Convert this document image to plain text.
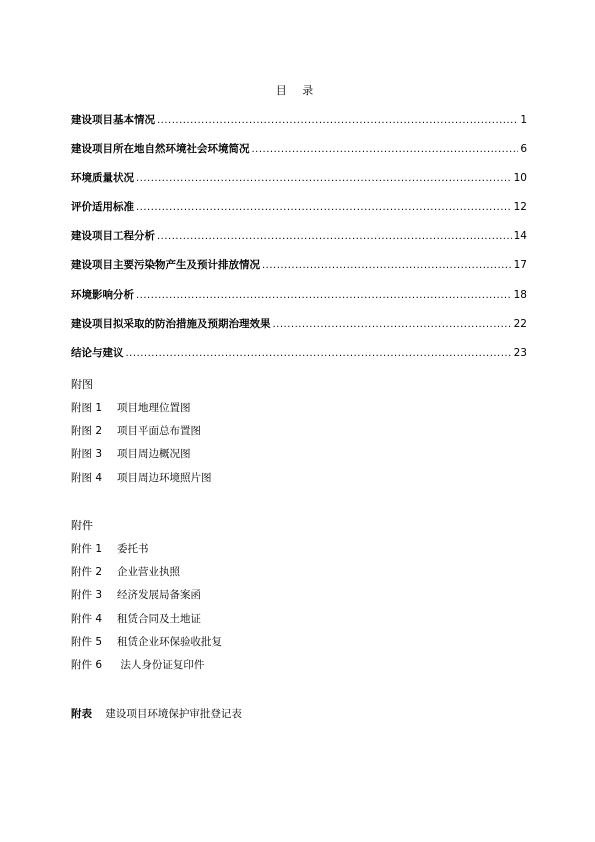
目 录
建设项目基本情况 .....	1
建设项目所在地自然环境社会环境简况 .....	6
环境质量状况 .....	10
评价适用标准 .....	12
建设项目工程分析 .....	14
建设项目主要污染物产生及预计排放情况 .....	17
环境影响分析 .....	18
建设项目拟采取的防治措施及预期治理效果 .....	22
结论与建议 .....	23
附图
附图 1	项目地理位置图
附图 2	项目平面总布置图
附图 3	项目周边概况图
附图 4	项目周边环境照片图
附件
附件 1	委托书
附件 2	企业营业执照
附件 3	经济发展局备案函
附件 4	租赁合同及土地证
附件 5	租赁企业环保验收批复
附件 6	法人身份证复印件
附表 建设项目环境保护审批登记表
